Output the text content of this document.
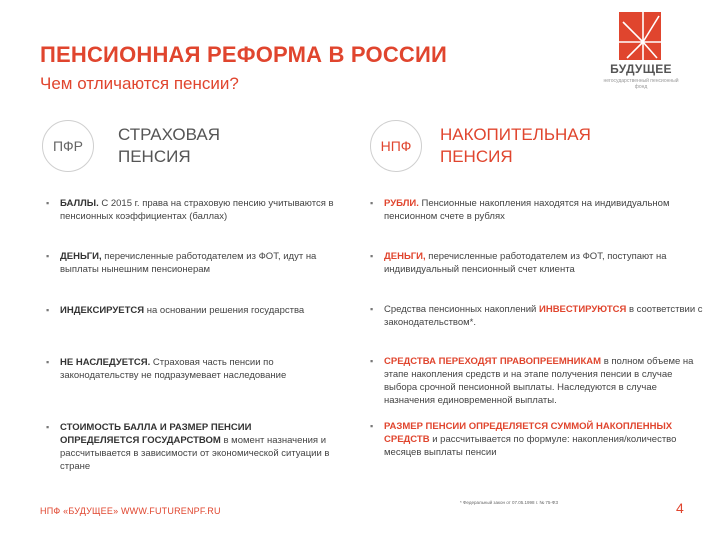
ПЕНСИОННАЯ РЕФОРМА В РОССИИ
Чем отличаются пенсии?
БУДУЩЕЕ
негосударственный пенсионный фонд
ПФР
СТРАХОВАЯ
ПЕНСИЯ
НПФ
НАКОПИТЕЛЬНАЯ
ПЕНСИЯ
▪ БАЛЛЫ. С 2015 г. права на страховую пенсию учитываются в пенсионных коэффициентах (баллах)
▪ ДЕНЬГИ, перечисленные работодателем из ФОТ, идут на выплаты нынешним пенсионерам
▪ ИНДЕКСИРУЕТСЯ на основании решения государства
▪ НЕ НАСЛЕДУЕТСЯ. Страховая часть пенсии по законодательству не подразумевает наследование
▪ СТОИМОСТЬ БАЛЛА И РАЗМЕР ПЕНСИИ ОПРЕДЕЛЯЕТСЯ ГОСУДАРСТВОМ в момент назначения и рассчитывается в зависимости от экономической ситуации в стране
▪ РУБЛИ. Пенсионные накопления находятся на индивидуальном пенсионном счете в рублях
▪ ДЕНЬГИ, перечисленные работодателем из ФОТ, поступают на индивидуальный пенсионный счет клиента
▪ Средства пенсионных накоплений ИНВЕСТИРУЮТСЯ в соответствии с законодательством*.
▪ СРЕДСТВА ПЕРЕХОДЯТ ПРАВОПРЕЕМНИКАМ в полном объеме на этапе накопления средств и на этапе получения пенсии в случае выбора срочной пенсионной выплаты. Наследуются в случае назначения единовременной выплаты.
▪ РАЗМЕР ПЕНСИИ ОПРЕДЕЛЯЕТСЯ СУММОЙ НАКОПЛЕННЫХ СРЕДСТВ и рассчитывается по формуле: накопления/количество месяцев выплаты пенсии
НПФ «БУДУЩЕЕ» WWW.FUTURENPF.RU
* Федеральный закон от 07.05.1998 г. № 75-ФЗ	4
